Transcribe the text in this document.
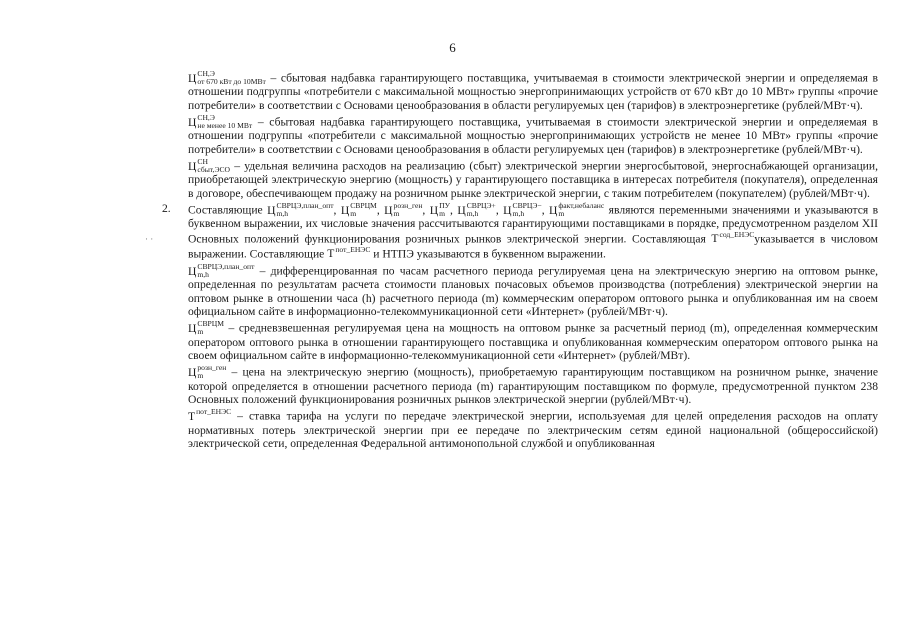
6
· ·

Ц СН,Э
от 670 кВт до 10МВт – сбытовая надбавка гарантирующего поставщика, учитываемая в стоимости электрической энергии и определяемая в отношении подгруппы «потребители с максимальной мощностью энергопринимающих устройств от 670 кВт до 10 МВт» группы «прочие потребители» в соответствии с Основами ценообразования в области регулируемых цен (тарифов) в электроэнергетике (рублей/МВт·ч).

Ц СН,Э
не менее 10 МВт – сбытовая надбавка гарантирующего поставщика, учитываемая в стоимости электрической энергии и определяемая в отношении подгруппы «потребители с максимальной мощностью энергопринимающих устройств не менее 10 МВт» группы «прочие потребители» в соответствии с Основами ценообразования в области регулируемых цен (тарифов) в электроэнергетике (рублей/МВт·ч).

Ц СН
сбыт,ЭСО – удельная величина расходов на реализацию (сбыт) электрической энергии энергосбытовой, энергоснабжающей организации, приобретающей электрическую энергию (мощность) у гарантирующего поставщика в интересах потребителя (покупателя), определенная в договоре, обеспечивающем продажу на розничном рынке электрической энергии, с таким потребителем (покупателем) (рублей/МВт·ч).

2. Составляющие Ц СВРЦЭ,план_опт
m,h	, Ц СВРЦМ
m	, Ц розн_ген
m	, Ц ПУ
m , Ц СВРЦЭ+
m,h	, Ц СВРЦЭ−
m,h	, Ц факт,небаланс
m	являются переменными значениями и указываются в буквенном выражении, их числовые значения рассчитываются гарантирующими поставщиками в порядке, предусмотренном разделом XII Основных положений функционирования розничных рынков электрической энергии. Составляющая Т сод_ЕНЭС
указывается в числовом выражении. Составляющие Т пот_ЕНЭС
и НТПЭ указываются в буквенном выражении.

Ц СВРЦЭ,план_опт
m,h	– дифференцированная по часам расчетного периода регулируемая цена на электрическую энергию на оптовом рынке, определенная по результатам расчета стоимости плановых почасовых объемов производства (потребления) электрической энергии на оптовом рынке в отношении часа (h) расчетного периода (m) коммерческим оператором оптового рынка и опубликованная им на своем официальном сайте в информационно-телекоммуникационной сети «Интернет» (рублей/МВт·ч).

Ц СВРЦМ
m	– средневзвешенная регулируемая цена на мощность на оптовом рынке за расчетный период (m), определенная коммерческим оператором оптового рынка в отношении гарантирующего поставщика и опубликованная коммерческим оператором оптового рынка на своем официальном сайте в информационно-телекоммуникационной сети «Интернет» (рублей/МВт).

Ц розн_ген
m	– цена на электрическую энергию (мощность), приобретаемую гарантирующим поставщиком на розничном рынке, значение которой определяется в отношении расчетного периода (m) гарантирующим поставщиком по формуле, предусмотренной пунктом 238 Основных положений функционирования розничных рынков электрической энергии (рублей/МВт·ч).

Т пот_ЕНЭС
– ставка тарифа на услуги по передаче электрической энергии, используемая для целей определения расходов на оплату нормативных потерь электрической энергии при ее передаче по электрическим сетям единой национальной (общероссийской) электрической сети, определенная Федеральной антимонопольной службой и опубликованная
